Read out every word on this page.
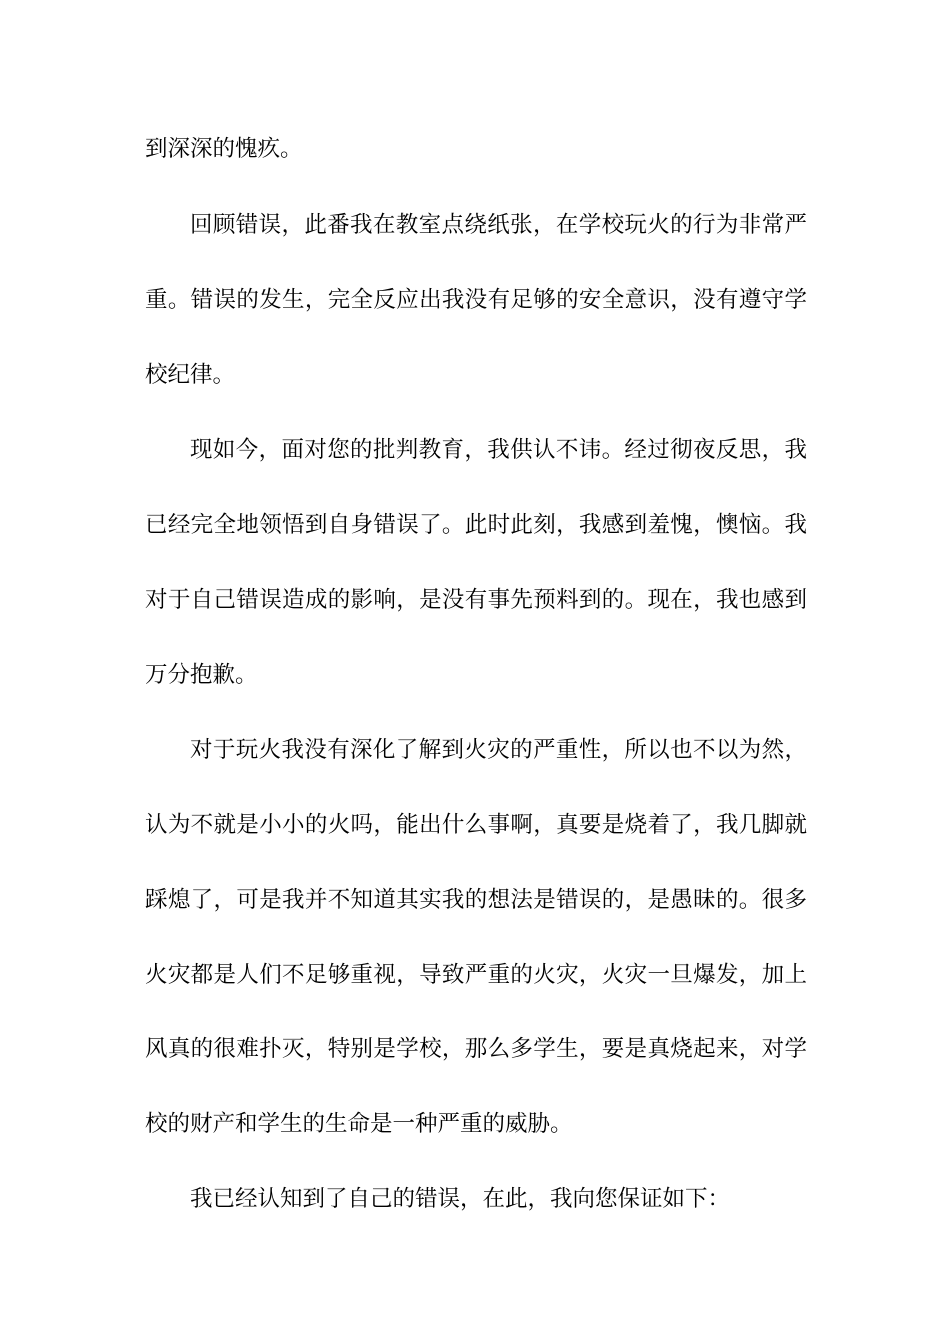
到深深的愧疚。
回顾错误，此番我在教室点绕纸张，在学校玩火的行为非常严
重。错误的发生，完全反应出我没有足够的安全意识，没有遵守学
校纪律。
现如今，面对您的批判教育，我供认不讳。经过彻夜反思，我
已经完全地领悟到自身错误了。此时此刻，我感到羞愧，懊恼。我
对于自己错误造成的影响，是没有事先预料到的。现在，我也感到
万分抱歉。
对于玩火我没有深化了解到火灾的严重性，所以也不以为然，
认为不就是小小的火吗，能出什么事啊，真要是烧着了，我几脚就
踩熄了，可是我并不知道其实我的想法是错误的，是愚昧的。很多
火灾都是人们不足够重视，导致严重的火灾，火灾一旦爆发，加上
风真的很难扑灭，特别是学校，那么多学生，要是真烧起来，对学
校的财产和学生的生命是一种严重的威胁。
我已经认知到了自己的错误，在此，我向您保证如下：
